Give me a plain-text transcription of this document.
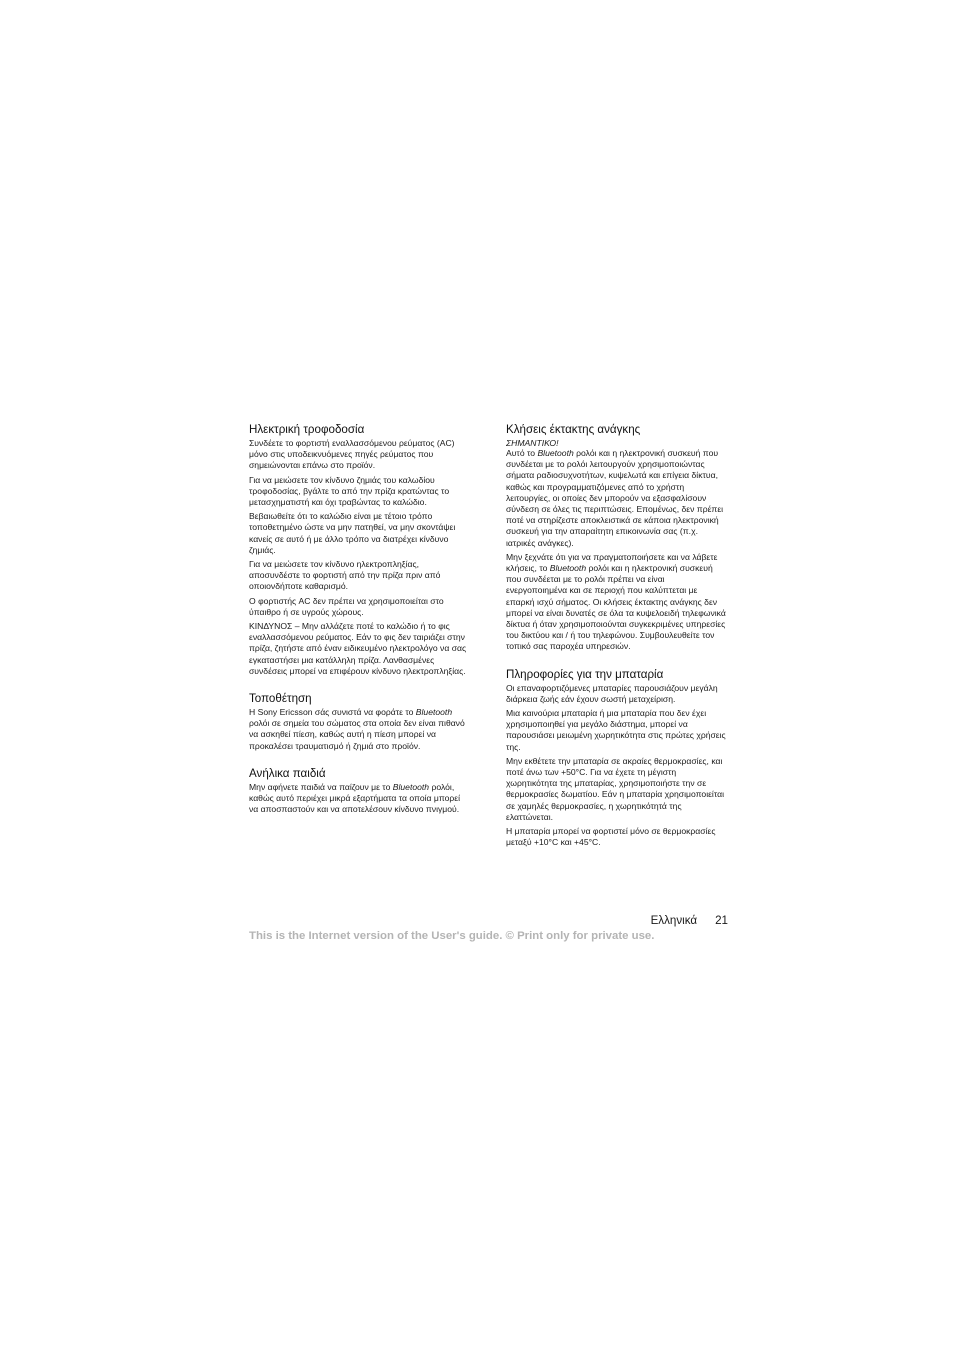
Ηλεκτρική τροφοδοσία

Συνδέετε το φορτιστή εναλλασσόμενου ρεύματος (AC) μόνο στις υποδεικνυόμενες πηγές ρεύματος που σημειώνονται επάνω στο προϊόν.

Για να μειώσετε τον κίνδυνο ζημιάς του καλωδίου τροφοδοσίας, βγάλτε το από την πρίζα κρατώντας το μετασχηματιστή και όχι τραβώντας το καλώδιο.

Βεβαιωθείτε ότι το καλώδιο είναι με τέτοιο τρόπο τοποθετημένο ώστε να μην πατηθεί, να μην σκοντάψει κανείς σε αυτό ή με άλλο τρόπο να διατρέχει κίνδυνο ζημιάς.

Για να μειώσετε τον κίνδυνο ηλεκτροπληξίας, αποσυνδέστε το φορτιστή από την πρίζα πριν από οποιονδήποτε καθαρισμό.

Ο φορτιστής AC δεν πρέπει να χρησιμοποιείται στο ύπαιθρο ή σε υγρούς χώρους.

ΚΙΝΔΥΝΟΣ – Μην αλλάζετε ποτέ το καλώδιο ή το φις εναλλασσόμενου ρεύματος. Εάν το φις δεν ταιριάζει στην πρίζα, ζητήστε από έναν ειδικευμένο ηλεκτρολόγο να σας εγκαταστήσει μια κατάλληλη πρίζα. Λανθασμένες συνδέσεις μπορεί να επιφέρουν κίνδυνο ηλεκτροπληξίας.

Τοποθέτηση

Η Sony Ericsson σάς συνιστά να φοράτε το Bluetooth ρολόι σε σημεία του σώματος στα οποία δεν είναι πιθανό να ασκηθεί πίεση, καθώς αυτή η πίεση μπορεί να προκαλέσει τραυματισμό ή ζημιά στο προϊόν.

Ανήλικα παιδιά

Μην αφήνετε παιδιά να παίζουν με το Bluetooth ρολόι, καθώς αυτό περιέχει μικρά εξαρτήματα τα οποία μπορεί να αποσπαστούν και να αποτελέσουν κίνδυνο πνιγμού.

Κλήσεις έκτακτης ανάγκης

ΣΗΜΑΝΤΙΚΟ!

Αυτό το Bluetooth ρολόι και η ηλεκτρονική συσκευή που συνδέεται με το ρολόι λειτουργούν χρησιμοποιώντας σήματα ραδιοσυχνοτήτων, κυψελωτά και επίγεια δίκτυα, καθώς και προγραμματιζόμενες από το χρήστη λειτουργίες, οι οποίες δεν μπορούν να εξασφαλίσουν σύνδεση σε όλες τις περιπτώσεις. Επομένως, δεν πρέπει ποτέ να στηρίζεστε αποκλειστικά σε κάποια ηλεκτρονική συσκευή για την απαραίτητη επικοινωνία σας (π.χ. ιατρικές ανάγκες).

Μην ξεχνάτε ότι για να πραγματοποιήσετε και να λάβετε κλήσεις, το Bluetooth ρολόι και η ηλεκτρονική συσκευή που συνδέεται με το ρολόι πρέπει να είναι ενεργοποιημένα και σε περιοχή που καλύπτεται με επαρκή ισχύ σήματος. Οι κλήσεις έκτακτης ανάγκης δεν μπορεί να είναι δυνατές σε όλα τα κυψελοειδή τηλεφωνικά δίκτυα ή όταν χρησιμοποιούνται συγκεκριμένες υπηρεσίες του δικτύου και / ή του τηλεφώνου. Συμβουλευθείτε τον τοπικό σας παροχέα υπηρεσιών.

Πληροφορίες για την μπαταρία

Οι επαναφορτιζόμενες μπαταρίες παρουσιάζουν μεγάλη διάρκεια ζωής εάν έχουν σωστή μεταχείριση.

Μια καινούρια μπαταρία ή μια μπαταρία που δεν έχει χρησιμοποιηθεί για μεγάλο διάστημα, μπορεί να παρουσιάσει μειωμένη χωρητικότητα στις πρώτες χρήσεις της.

Μην εκθέτετε την μπαταρία σε ακραίες θερμοκρασίες, και ποτέ άνω των +50°C. Για να έχετε τη μέγιστη χωρητικότητα της μπαταρίας, χρησιμοποιήστε την σε θερμοκρασίες δωματίου. Εάν η μπαταρία χρησιμοποιείται σε χαμηλές θερμοκρασίες, η χωρητικότητά της ελαττώνεται.

Η μπαταρία μπορεί να φορτιστεί μόνο σε θερμοκρασίες μεταξύ +10°C και +45°C.

Ελληνικά 21
This is the Internet version of the User's guide. © Print only for private use.
